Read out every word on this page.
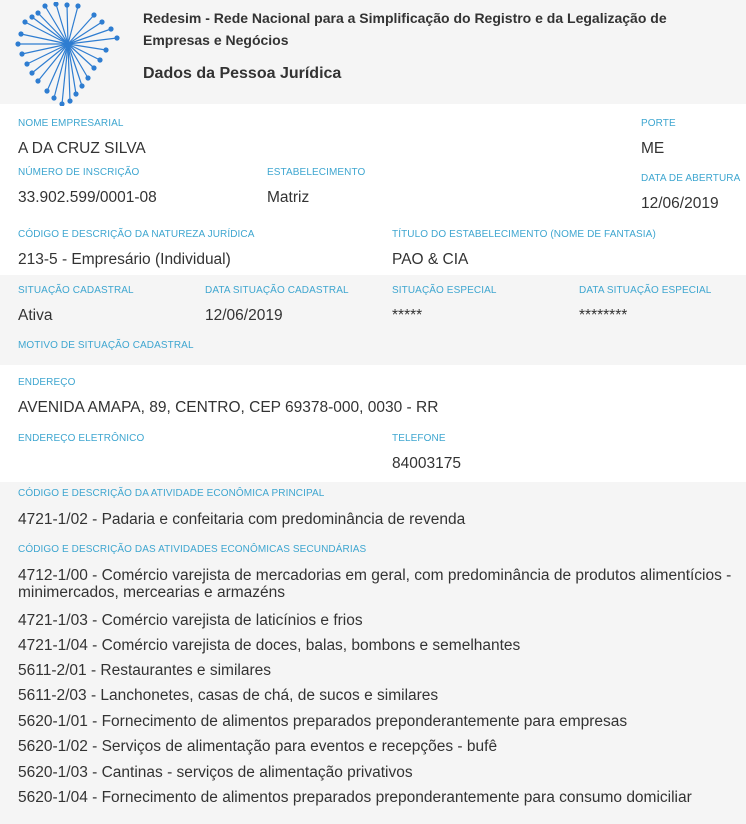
Redesim - Rede Nacional para a Simplificação do Registro e da Legalização de Empresas e Negócios
Dados da Pessoa Jurídica
NOME EMPRESARIAL
A DA CRUZ SILVA
PORTE
ME
NÚMERO DE INSCRIÇÃO
33.902.599/0001-08
ESTABELECIMENTO
Matriz
DATA DE ABERTURA
12/06/2019
CÓDIGO E DESCRIÇÃO DA NATUREZA JURÍDICA
213-5 - Empresário (Individual)
TÍTULO DO ESTABELECIMENTO (NOME DE FANTASIA)
PAO & CIA
SITUAÇÃO CADASTRAL
Ativa
DATA SITUAÇÃO CADASTRAL
12/06/2019
SITUAÇÃO ESPECIAL
*****
DATA SITUAÇÃO ESPECIAL
********
MOTIVO DE SITUAÇÃO CADASTRAL
ENDEREÇO
AVENIDA AMAPA, 89, CENTRO, CEP 69378-000, 0030 - RR
ENDEREÇO ELETRÔNICO	TELEFONE
84003175
CÓDIGO E DESCRIÇÃO DA ATIVIDADE ECONÔMICA PRINCIPAL
4721-1/02 - Padaria e confeitaria com predominância de revenda
CÓDIGO E DESCRIÇÃO DAS ATIVIDADES ECONÔMICAS SECUNDÁRIAS
4712-1/00 - Comércio varejista de mercadorias em geral, com predominância de produtos alimentícios - minimercados, mercearias e armazéns
4721-1/03 - Comércio varejista de laticínios e frios
4721-1/04 - Comércio varejista de doces, balas, bombons e semelhantes
5611-2/01 - Restaurantes e similares
5611-2/03 - Lanchonetes, casas de chá, de sucos e similares
5620-1/01 - Fornecimento de alimentos preparados preponderantemente para empresas
5620-1/02 - Serviços de alimentação para eventos e recepções - bufê
5620-1/03 - Cantinas - serviços de alimentação privativos
5620-1/04 - Fornecimento de alimentos preparados preponderantemente para consumo domiciliar
